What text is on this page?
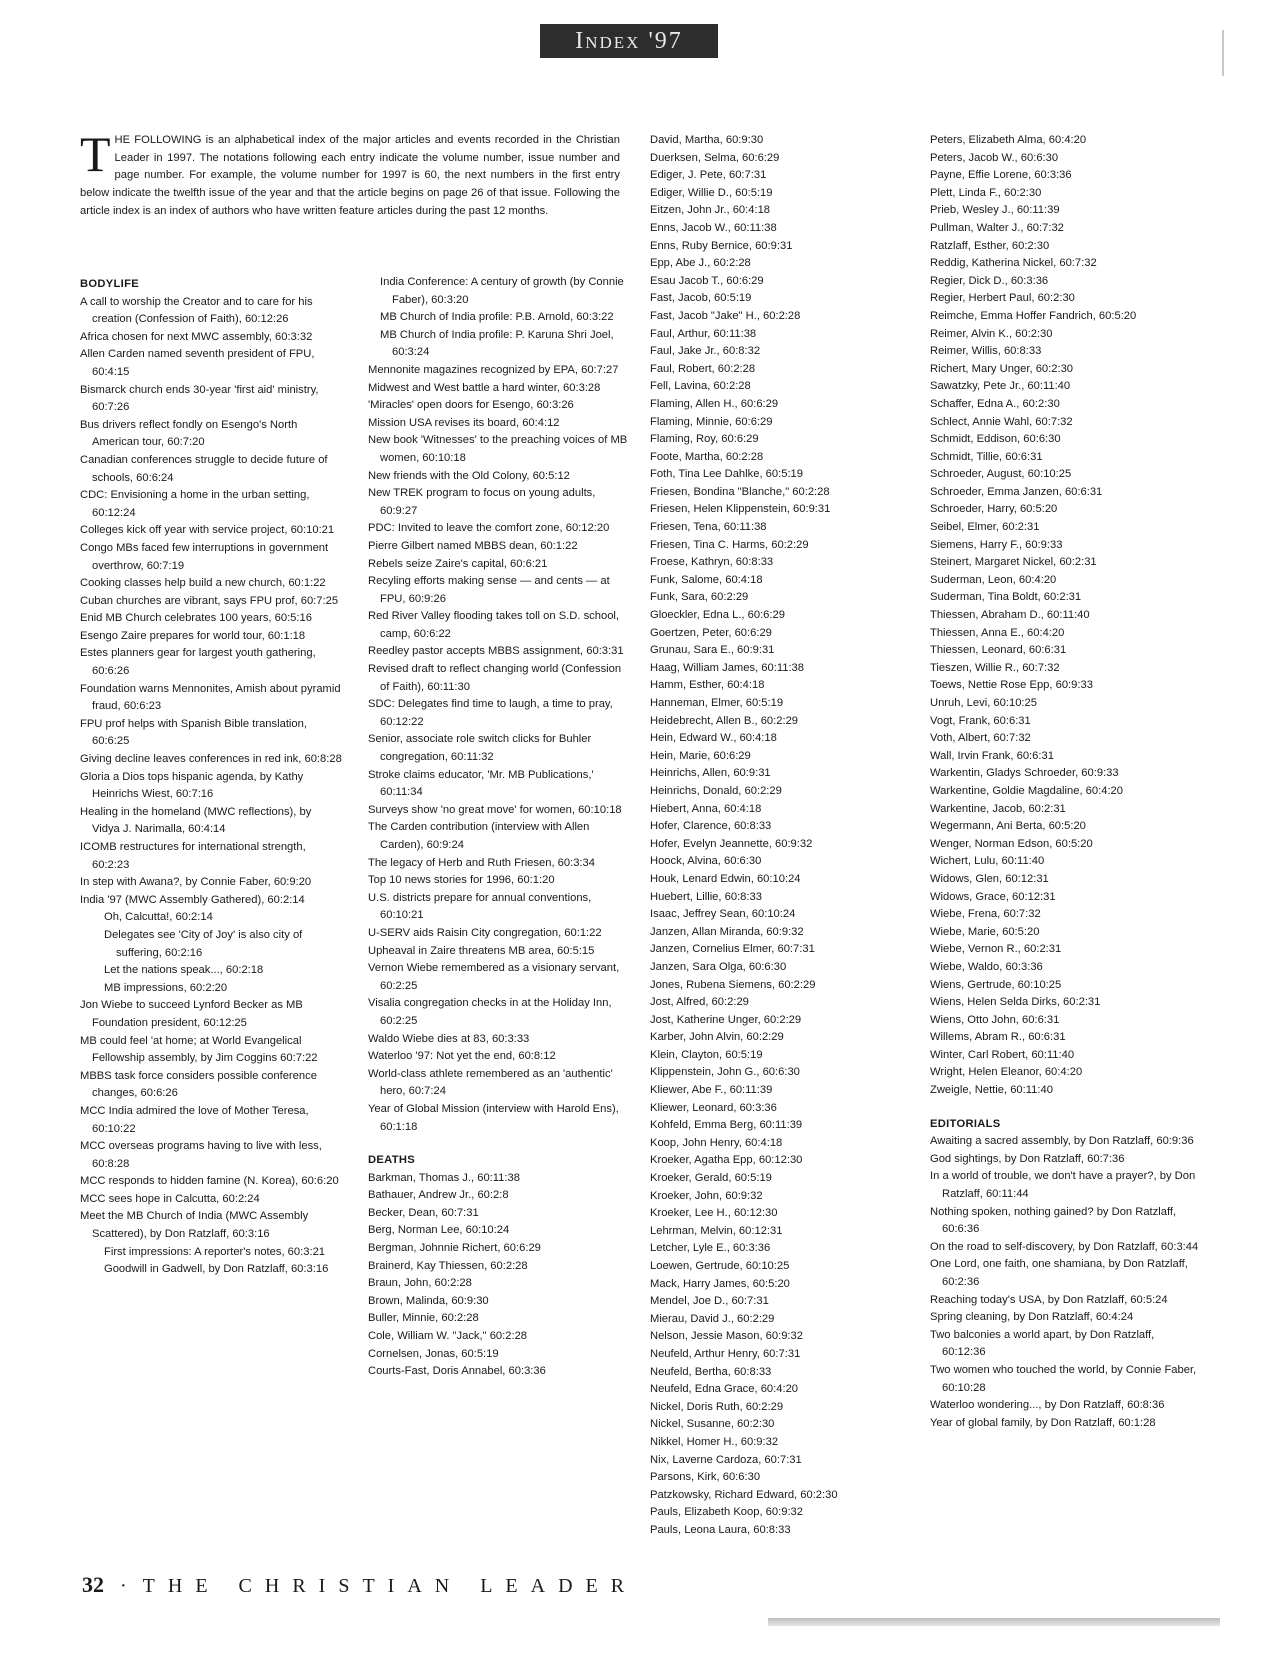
Index '97
T HE FOLLOWING is an alphabetical index of the major articles and events recorded in the Christian Leader in 1997. The notations following each entry indicate the volume number, issue number and page number. For example, the volume number for 1997 is 60, the next numbers in the first entry below indicate the twelfth issue of the year and that the article begins on page 26 of that issue. Following the article index is an index of authors who have written feature articles during the past 12 months.
BODYLIFE
A call to worship the Creator and to care for his creation (Confession of Faith), 60:12:26
Africa chosen for next MWC assembly, 60:3:32
Allen Carden named seventh president of FPU, 60:4:15
Bismarck church ends 30-year 'first aid' ministry, 60:7:26
Bus drivers reflect fondly on Esengo's North American tour, 60:7:20
Canadian conferences struggle to decide future of schools, 60:6:24
CDC: Envisioning a home in the urban setting, 60:12:24
Colleges kick off year with service project, 60:10:21
Congo MBs faced few interruptions in government overthrow, 60:7:19
Cooking classes help build a new church, 60:1:22
Cuban churches are vibrant, says FPU prof, 60:7:25
Enid MB Church celebrates 100 years, 60:5:16
Esengo Zaire prepares for world tour, 60:1:18
Estes planners gear for largest youth gathering, 60:6:26
Foundation warns Mennonites, Amish about pyramid fraud, 60:6:23
FPU prof helps with Spanish Bible translation, 60:6:25
Giving decline leaves conferences in red ink, 60:8:28
Gloria a Dios tops hispanic agenda, by Kathy Heinrichs Wiest, 60:7:16
Healing in the homeland (MWC reflections), by Vidya J. Narimalla, 60:4:14
ICOMB restructures for international strength, 60:2:23
In step with Awana?, by Connie Faber, 60:9:20
India '97 (MWC Assembly Gathered), 60:2:14
Oh, Calcutta!, 60:2:14
Delegates see 'City of Joy' is also city of suffering, 60:2:16
Let the nations speak..., 60:2:18
MB impressions, 60:2:20
Jon Wiebe to succeed Lynford Becker as MB Foundation president, 60:12:25
MB could feel 'at home; at World Evangelical Fellowship assembly, by Jim Coggins 60:7:22
MBBS task force considers possible conference changes, 60:6:26
MCC India admired the love of Mother Teresa, 60:10:22
MCC overseas programs having to live with less, 60:8:28
MCC responds to hidden famine (N. Korea), 60:6:20
MCC sees hope in Calcutta, 60:2:24
Meet the MB Church of India (MWC Assembly Scattered), by Don Ratzlaff, 60:3:16
First impressions: A reporter's notes, 60:3:21
Goodwill in Gadwell, by Don Ratzlaff, 60:3:16
India Conference: A century of growth (by Connie Faber), 60:3:20
MB Church of India profile: P.B. Arnold, 60:3:22
MB Church of India profile: P. Karuna Shri Joel, 60:3:24
Mennonite magazines recognized by EPA, 60:7:27
Midwest and West battle a hard winter, 60:3:28
'Miracles' open doors for Esengo, 60:3:26
Mission USA revises its board, 60:4:12
New book 'Witnesses' to the preaching voices of MB women, 60:10:18
New friends with the Old Colony, 60:5:12
New TREK program to focus on young adults, 60:9:27
PDC: Invited to leave the comfort zone, 60:12:20
Pierre Gilbert named MBBS dean, 60:1:22
Rebels seize Zaire's capital, 60:6:21
Recyling efforts making sense — and cents — at FPU, 60:9:26
Red River Valley flooding takes toll on S.D. school, camp, 60:6:22
Reedley pastor accepts MBBS assignment, 60:3:31
Revised draft to reflect changing world (Confession of Faith), 60:11:30
SDC: Delegates find time to laugh, a time to pray, 60:12:22
Senior, associate role switch clicks for Buhler congregation, 60:11:32
Stroke claims educator, 'Mr. MB Publications,' 60:11:34
Surveys show 'no great move' for women, 60:10:18
The Carden contribution (interview with Allen Carden), 60:9:24
The legacy of Herb and Ruth Friesen, 60:3:34
Top 10 news stories for 1996, 60:1:20
U.S. districts prepare for annual conventions, 60:10:21
U-SERV aids Raisin City congregation, 60:1:22
Upheaval in Zaire threatens MB area, 60:5:15
Vernon Wiebe remembered as a visionary servant, 60:2:25
Visalia congregation checks in at the Holiday Inn, 60:2:25
Waldo Wiebe dies at 83, 60:3:33
Waterloo '97: Not yet the end, 60:8:12
World-class athlete remembered as an 'authentic' hero, 60:7:24
Year of Global Mission (interview with Harold Ens), 60:1:18
DEATHS
Barkman, Thomas J., 60:11:38
Bathauer, Andrew Jr., 60:2:8
Becker, Dean, 60:7:31
Berg, Norman Lee, 60:10:24
Bergman, Johnnie Richert, 60:6:29
Brainerd, Kay Thiessen, 60:2:28
Braun, John, 60:2:28
Brown, Malinda, 60:9:30
Buller, Minnie, 60:2:28
Cole, William W. "Jack," 60:2:28
Cornelsen, Jonas, 60:5:19
Courts-Fast, Doris Annabel, 60:3:36
David, Martha, 60:9:30
Duerksen, Selma, 60:6:29
Ediger, J. Pete, 60:7:31
Ediger, Willie D., 60:5:19
Eitzen, John Jr., 60:4:18
Enns, Jacob W., 60:11:38
Enns, Ruby Bernice, 60:9:31
Epp, Abe J., 60:2:28
Esau Jacob T., 60:6:29
Fast, Jacob, 60:5:19
Fast, Jacob "Jake" H., 60:2:28
Faul, Arthur, 60:11:38
Faul, Jake Jr., 60:8:32
Faul, Robert, 60:2:28
Fell, Lavina, 60:2:28
Flaming, Allen H., 60:6:29
Flaming, Minnie, 60:6:29
Flaming, Roy, 60:6:29
Foote, Martha, 60:2:28
Foth, Tina Lee Dahlke, 60:5:19
Friesen, Bondina "Blanche," 60:2:28
Friesen, Helen Klippenstein, 60:9:31
Friesen, Tena, 60:11:38
Friesen, Tina C. Harms, 60:2:29
Froese, Kathryn, 60:8:33
Funk, Salome, 60:4:18
Funk, Sara, 60:2:29
Gloeckler, Edna L., 60:6:29
Goertzen, Peter, 60:6:29
Grunau, Sara E., 60:9:31
Haag, William James, 60:11:38
Hamm, Esther, 60:4:18
Hanneman, Elmer, 60:5:19
Heidebrecht, Allen B., 60:2:29
Hein, Edward W., 60:4:18
Hein, Marie, 60:6:29
Heinrichs, Allen, 60:9:31
Heinrichs, Donald, 60:2:29
Hiebert, Anna, 60:4:18
Hofer, Clarence, 60:8:33
Hofer, Evelyn Jeannette, 60:9:32
Hoock, Alvina, 60:6:30
Houk, Lenard Edwin, 60:10:24
Huebert, Lillie, 60:8:33
Isaac, Jeffrey Sean, 60:10:24
Janzen, Allan Miranda, 60:9:32
Janzen, Cornelius Elmer, 60:7:31
Janzen, Sara Olga, 60:6:30
Jones, Rubena Siemens, 60:2:29
Jost, Alfred, 60:2:29
Jost, Katherine Unger, 60:2:29
Karber, John Alvin, 60:2:29
Klein, Clayton, 60:5:19
Klippenstein, John G., 60:6:30
Kliewer, Abe F., 60:11:39
Kliewer, Leonard, 60:3:36
Kohfeld, Emma Berg, 60:11:39
Koop, John Henry, 60:4:18
Kroeker, Agatha Epp, 60:12:30
Kroeker, Gerald, 60:5:19
Kroeker, John, 60:9:32
Kroeker, Lee H., 60:12:30
Lehrman, Melvin, 60:12:31
Letcher, Lyle E., 60:3:36
Loewen, Gertrude, 60:10:25
Mack, Harry James, 60:5:20
Mendel, Joe D., 60:7:31
Mierau, David J., 60:2:29
Nelson, Jessie Mason, 60:9:32
Neufeld, Arthur Henry, 60:7:31
Neufeld, Bertha, 60:8:33
Neufeld, Edna Grace, 60:4:20
Nickel, Doris Ruth, 60:2:29
Nickel, Susanne, 60:2:30
Nikkel, Homer H., 60:9:32
Nix, Laverne Cardoza, 60:7:31
Parsons, Kirk, 60:6:30
Patzkowsky, Richard Edward, 60:2:30
Pauls, Elizabeth Koop, 60:9:32
Pauls, Leona Laura, 60:8:33
Peters, Elizabeth Alma, 60:4:20
Peters, Jacob W., 60:6:30
Payne, Effie Lorene, 60:3:36
Plett, Linda F., 60:2:30
Prieb, Wesley J., 60:11:39
Pullman, Walter J., 60:7:32
Ratzlaff, Esther, 60:2:30
Reddig, Katherina Nickel, 60:7:32
Regier, Dick D., 60:3:36
Regier, Herbert Paul, 60:2:30
Reimche, Emma Hoffer Fandrich, 60:5:20
Reimer, Alvin K., 60:2:30
Reimer, Willis, 60:8:33
Richert, Mary Unger, 60:2:30
Sawatzky, Pete Jr., 60:11:40
Schaffer, Edna A., 60:2:30
Schlect, Annie Wahl, 60:7:32
Schmidt, Eddison, 60:6:30
Schmidt, Tillie, 60:6:31
Schroeder, August, 60:10:25
Schroeder, Emma Janzen, 60:6:31
Schroeder, Harry, 60:5:20
Seibel, Elmer, 60:2:31
Siemens, Harry F., 60:9:33
Steinert, Margaret Nickel, 60:2:31
Suderman, Leon, 60:4:20
Suderman, Tina Boldt, 60:2:31
Thiessen, Abraham D., 60:11:40
Thiessen, Anna E., 60:4:20
Thiessen, Leonard, 60:6:31
Tieszen, Willie R., 60:7:32
Toews, Nettie Rose Epp, 60:9:33
Unruh, Levi, 60:10:25
Vogt, Frank, 60:6:31
Voth, Albert, 60:7:32
Wall, Irvin Frank, 60:6:31
Warkentin, Gladys Schroeder, 60:9:33
Warkentine, Goldie Magdaline, 60:4:20
Warkentine, Jacob, 60:2:31
Wegermann, Ani Berta, 60:5:20
Wenger, Norman Edson, 60:5:20
Wichert, Lulu, 60:11:40
Widows, Glen, 60:12:31
Widows, Grace, 60:12:31
Wiebe, Frena, 60:7:32
Wiebe, Marie, 60:5:20
Wiebe, Vernon R., 60:2:31
Wiebe, Waldo, 60:3:36
Wiens, Gertrude, 60:10:25
Wiens, Helen Selda Dirks, 60:2:31
Wiens, Otto John, 60:6:31
Willems, Abram R., 60:6:31
Winter, Carl Robert, 60:11:40
Wright, Helen Eleanor, 60:4:20
Zweigle, Nettie, 60:11:40
EDITORIALS
Awaiting a sacred assembly, by Don Ratzlaff, 60:9:36
God sightings, by Don Ratzlaff, 60:7:36
In a world of trouble, we don't have a prayer?, by Don Ratzlaff, 60:11:44
Nothing spoken, nothing gained? by Don Ratzlaff, 60:6:36
On the road to self-discovery, by Don Ratzlaff, 60:3:44
One Lord, one faith, one shamiana, by Don Ratzlaff, 60:2:36
Reaching today's USA, by Don Ratzlaff, 60:5:24
Spring cleaning, by Don Ratzlaff, 60:4:24
Two balconies a world apart, by Don Ratzlaff, 60:12:36
Two women who touched the world, by Connie Faber, 60:10:28
Waterloo wondering..., by Don Ratzlaff, 60:8:36
Year of global family, by Don Ratzlaff, 60:1:28
32 · THE CHRISTIAN LEADER
